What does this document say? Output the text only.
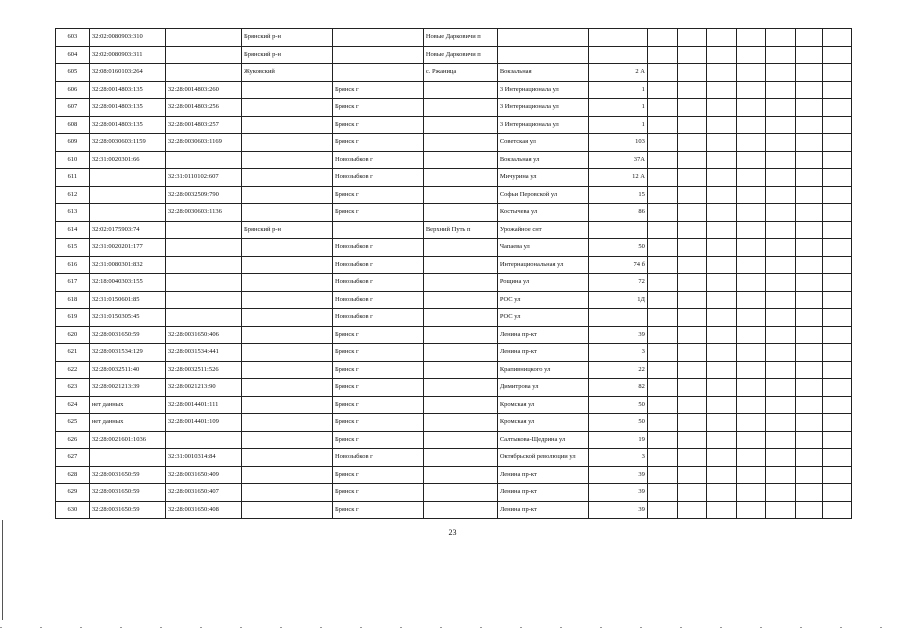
603	32:02:0080903:310		Брянский р-н		Новые Дарковичи п									
604	32:02:0080903:311		Брянский р-н		Новые Дарковичи п									
605	32:08:0160103:264		Жуковский		с. Ржаница	Вокзальная	2 А							
606	32:28:0014803:135	32:28:0014803:260		Брянск г		3 Интернационала ул	1							
607	32:28:0014803:135	32:28:0014803:256		Брянск г		3 Интернационала ул	1							
608	32:28:0014803:135	32:28:0014803:257		Брянск г		3 Интернационала ул	1							
609	32:28:0030603:1159	32:28:0030603:1169		Брянск г		Советская ул	103							
610	32:31:0020301:66			Новозыбков г		Вокзальная ул	37А							
611		32:31:0110102:607		Новозыбков г		Мичурина ул	12 А							
612		32:28:0032509:790		Брянск г		Софьи Перовской ул	15							
613		32:28:0030603:1136		Брянск г		Костычева ул	86							
614	32:02:0175903:74		Брянский р-н		Верхний Путь п	Урожайное снт								
615	32:31:0020201:177			Новозыбков г		Чапаева ул	50							
616	32:31:0080301:832			Новозыбков г		Интернациональная ул	74 б							
617	32:18:0040303:155			Новозыбков г		Рощина ул	72							
618	32:31:0150601:85			Новозыбков г		РОС ул	1Д							
619	32:31:0150305:45			Новозыбков г		РОС ул								
620	32:28:0031650:59	32:28:0031650:406		Брянск г		Ленина пр-кт	39							
621	32:28:0031534:129	32:28:0031534:441		Брянск г		Ленина пр-кт	3							
622	32:28:0032511:40	32:28:0032511:526		Брянск г		Крапивницкого ул	22							
623	32:28:0021213:39	32:28:0021213:90		Брянск г		Димитрова ул	82							
624	нет данных	32:28:0014401:111		Брянск г		Кромская ул	50							
625	нет данных	32:28:0014401:109		Брянск г		Кромская ул	50							
626	32:28:0021601:1036			Брянск г		Салтыкова-Щедрина ул	19							
627		32:31:0010314:84		Новозыбков г		Октябрьской революции ул	3							
628	32:28:0031650:59	32:28:0031650:409		Брянск г		Ленина пр-кт	39							
629	32:28:0031650:59	32:28:0031650:407		Брянск г		Ленина пр-кт	39							
630	32:28:0031650:59	32:28:0031650:408		Брянск г		Ленина пр-кт	39							
23
